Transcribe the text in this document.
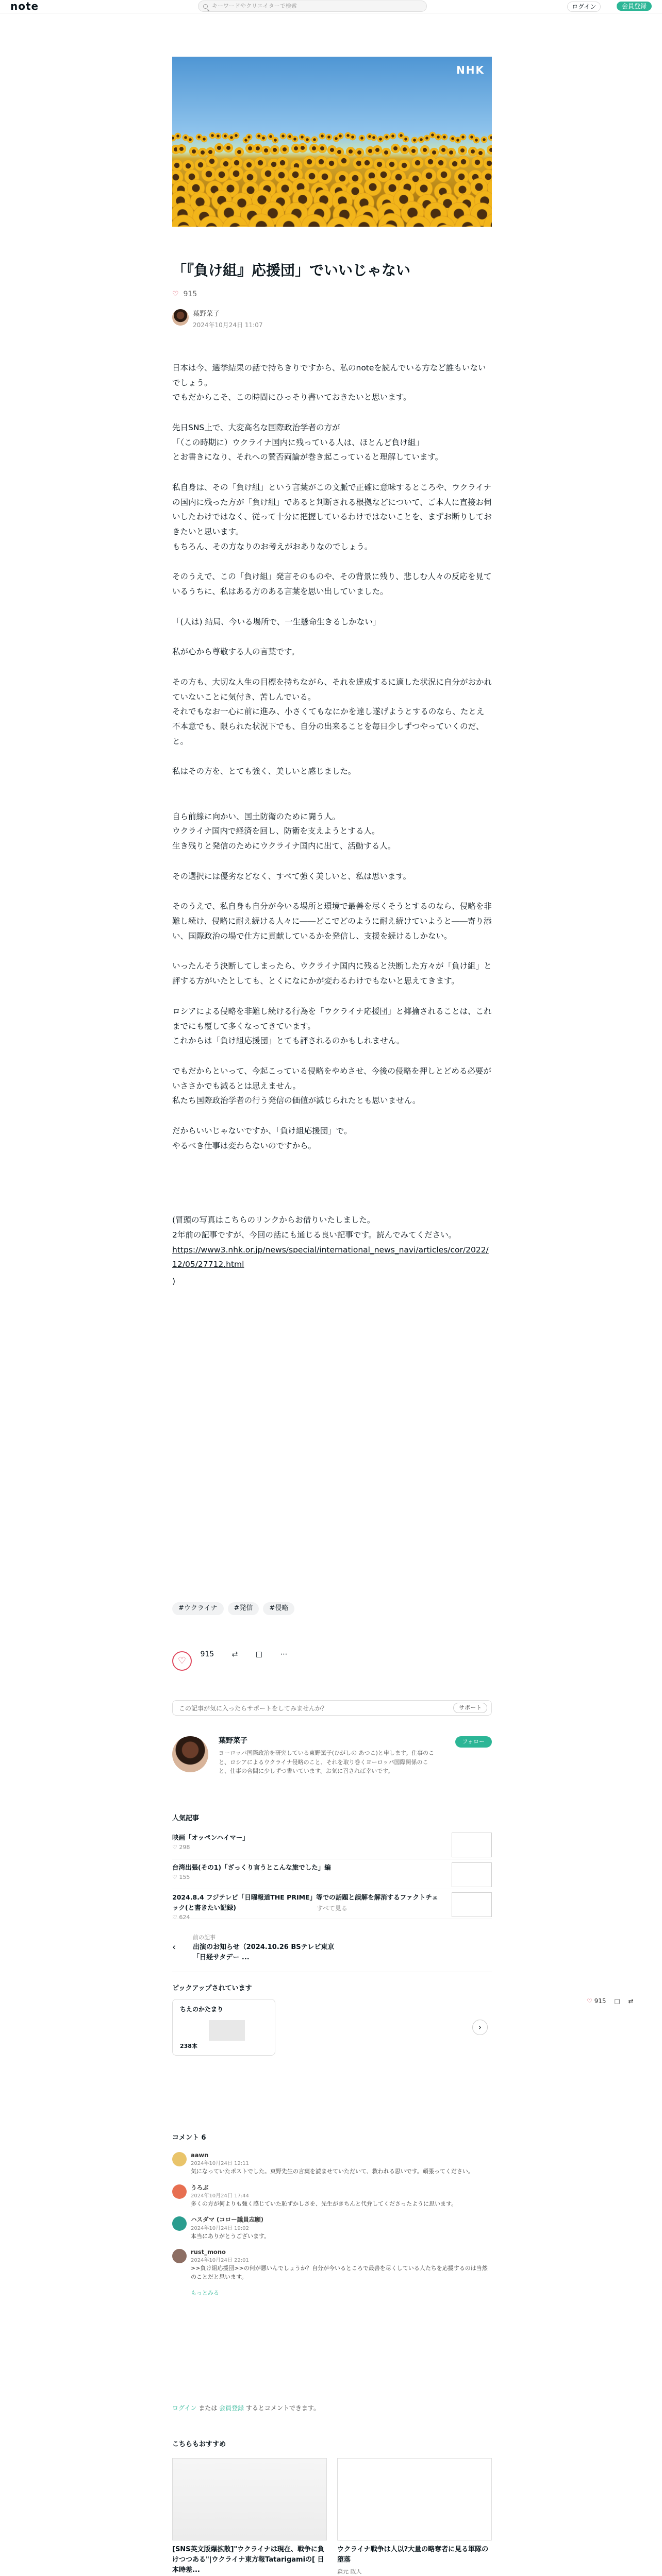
note	キーワードやクリエイターで検索	ログイン	会員登録
NHK
「『負け組』応援団」でいいじゃない
♡ 915
葉野菜子
2024年10月24日 11:07

日本は今、選挙結果の話で持ちきりですから、私のnoteを読んでいる方など誰もいないでしょう。
でもだからこそ、この時間にひっそり書いておきたいと思います。

先日SNS上で、大変高名な国際政治学者の方が
「（この時期に）ウクライナ国内に残っている人は、ほとんど負け組」
とお書きになり、それへの賛否両論が巻き起こっていると理解しています。

私自身は、その「負け組」という言葉がこの文脈で正確に意味するところや、ウクライナの国内に残った方が「負け組」であると判断される根拠などについて、ご本人に直接お伺いしたわけではなく、従って十分に把握しているわけではないことを、まずお断りしておきたいと思います。
もちろん、その方なりのお考えがおありなのでしょう。

そのうえで、この「負け組」発言そのものや、その背景に残り、悲しむ人々の反応を見ているうちに、私はある方のある言葉を思い出していました。

「(人は) 結局、今いる場所で、一生懸命生きるしかない」

私が心から尊敬する人の言葉です。

その方も、大切な人生の目標を持ちながら、それを達成するに適した状況に自分がおかれていないことに気付き、苦しんでいる。
それでもなお一心に前に進み、小さくてもなにかを達し遂げようとするのなら、たとえ不本意でも、限られた状況下でも、自分の出来ることを毎日少しずつやっていくのだ、と。

私はその方を、とても強く、美しいと感じました。

自ら前線に向かい、国土防衛のために闘う人。
ウクライナ国内で経済を回し、防衛を支えようとする人。
生き残りと発信のためにウクライナ国内に出て、活動する人。

その選択には優劣などなく、すべて強く美しいと、私は思います。

そのうえで、私自身も自分が今いる場所と環境で最善を尽くそうとするのなら、侵略を非難し続け、侵略に耐え続ける人々に――どこでどのように耐え続けていようと――寄り添い、国際政治の場で仕方に貢献しているかを発信し、支援を続けるしかない。

いったんそう決断してしまったら、ウクライナ国内に残ると決断した方々が「負け組」と評する方がいたとしても、とくになにかが変わるわけでもないと思えてきます。

ロシアによる侵略を非難し続ける行為を「ウクライナ応援団」と揶揄されることは、これまでにも覆して多くなってきています。
これからは「負け組応援団」とても評されるのかもしれません。

でもだからといって、今起こっている侵略をやめさせ、今後の侵略を押しとどめる必要がいささかでも減るとは思えません。
私たち国際政治学者の行う発信の価値が減じられたとも思いません。

だからいいじゃないですか、「負け組応援団」で。
やるべき仕事は変わらないのですから。

(冒頭の写真はこちらのリンクからお借りいたしました。
2年前の記事ですが、今回の話にも通じる良い記事です。読んでみてください。

https://www3.nhk.or.jp/news/special/international_news_navi/articles/cor/2022/12/05/27712.html

)

#ウクライナ #発信 #侵略
♡ 915 ⇄ □ ⋯
この記事が気に入ったらサポートをしてみませんか？	サポート
葉野菜子	フォロー
ヨーロッパ国際政治を研究している東野篤子(ひがしの あつこ)と申します。仕事のこと、ロシアによるウクライナ侵略のこと、それを取り巻くヨーロッパ国際関係のこと、仕事の合間に少しずつ書いています。お気に召されば幸いです。
人気記事
映画「オッペンハイマー」
♡ 298
台湾出張(その1)「ざっくり言うとこんな旅でした」編
♡ 155
2024.8.4 フジテレビ「日曜報道THE PRIME」等での話題と誤解を解消するファクトチェック(と書きたい記録)
♡ 624
すべて見る
‹
前の記事
出演のお知らせ（2024.10.26 BSテレビ東京「日経サタデー ...
ピックアップされています
ちえのかたまり
238本
›
♡ 915 □ ⇄
コメント 6
aawn
2024年10月24日 12:11
気になっていたポストでした。東野先生の言葉を読ませていただいて、救われる思いです。頑張ってください。
うろぶ
2024年10月24日 17:44
多くの方が何よりも強く感じていた恥ずかしさを、先生がきちんと代弁してくださったように思います。
ハスダマ (コロー議員志願)
2024年10月24日 19:02
本当にありがとうございます。
rust_mono
2024年10月24日 22:01
>>負け組応援団>>の何が悪いんでしょうか？自分が今いるところで最善を尽くしている人たちを応援するのは当然のことだと思います。
もっとみる
ログイン または 会員登録 するとコメントできます。
こちらもおすすめ
[SNS英文版爆拡散]"ウクライナは現在、戦争に負けつつある"|ウクライナ東方報Tatarigamiの[ 日本時差...
ウクライナ戦争は人以?大量の略奪者に見る軍隊の堕落
森元 政人
